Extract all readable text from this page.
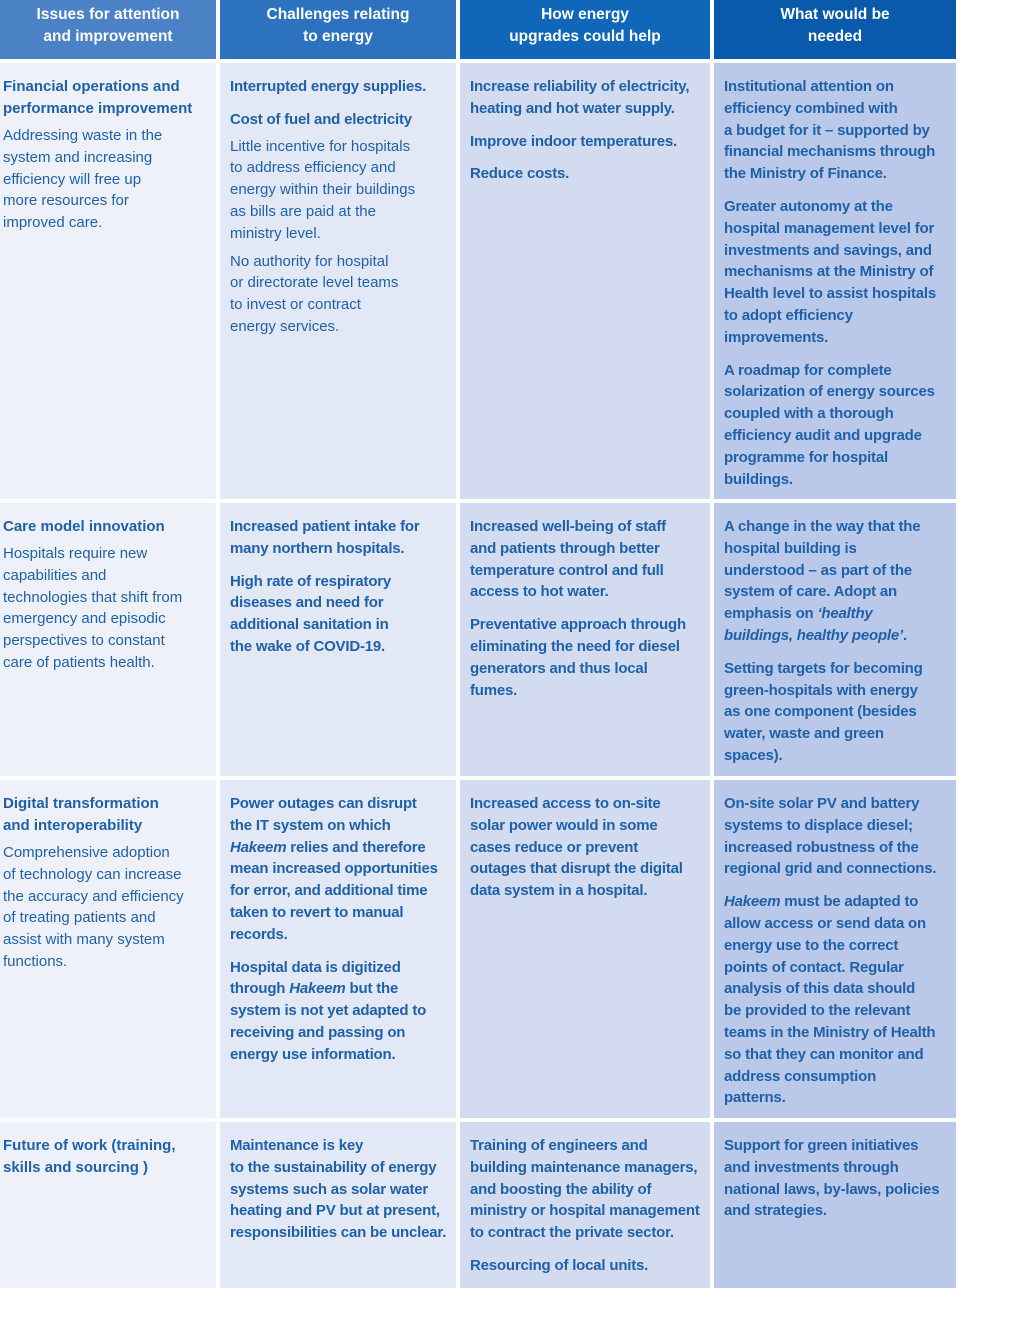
Issues for attention
and improvement
Challenges relating
to energy
How energy
upgrades could help
What would be
needed
Financial operations and
performance improvement
Addressing waste in the
system and increasing
efficiency will free up
more resources for
improved care.
Interrupted energy supplies.
Cost of fuel and electricity
Little incentive for hospitals
to address efficiency and
energy within their buildings
as bills are paid at the
ministry level.
No authority for hospital
or directorate level teams
to invest or contract
energy services.
Increase reliability of electricity,
heating and hot water supply.
Improve indoor temperatures.
Reduce costs.
Institutional attention on
efficiency combined with
a budget for it – supported by
financial mechanisms through
the Ministry of Finance.
Greater autonomy at the
hospital management level for
investments and savings, and
mechanisms at the Ministry of
Health level to assist hospitals
to adopt efficiency
improvements.
A roadmap for complete
solarization of energy sources
coupled with a thorough
efficiency audit and upgrade
programme for hospital
buildings.
Care model innovation
Hospitals require new
capabilities and
technologies that shift from
emergency and episodic
perspectives to constant
care of patients health.
Increased patient intake for
many northern hospitals.
High rate of respiratory
diseases and need for
additional sanitation in
the wake of COVID-19.
Increased well-being of staff
and patients through better
temperature control and full
access to hot water.
Preventative approach through
eliminating the need for diesel
generators and thus local
fumes.
A change in the way that the
hospital building is
understood – as part of the
system of care. Adopt an
emphasis on ‘healthy
buildings, healthy people’.
Setting targets for becoming
green-hospitals with energy
as one component (besides
water, waste and green
spaces).
Digital transformation
and interoperability
Comprehensive adoption
of technology can increase
the accuracy and efficiency
of treating patients and
assist with many system
functions.
Power outages can disrupt
the IT system on which
Hakeem relies and therefore
mean increased opportunities
for error, and additional time
taken to revert to manual
records.
Hospital data is digitized
through Hakeem but the
system is not yet adapted to
receiving and passing on
energy use information.
Increased access to on-site
solar power would in some
cases reduce or prevent
outages that disrupt the digital
data system in a hospital.
On-site solar PV and battery
systems to displace diesel;
increased robustness of the
regional grid and connections.
Hakeem must be adapted to
allow access or send data on
energy use to the correct
points of contact. Regular
analysis of this data should
be provided to the relevant
teams in the Ministry of Health
so that they can monitor and
address consumption
patterns.
Future of work (training,
skills and sourcing )
Maintenance is key
to the sustainability of energy
systems such as solar water
heating and PV but at present,
responsibilities can be unclear.
Training of engineers and
building maintenance managers,
and boosting the ability of
ministry or hospital management
to contract the private sector.
Resourcing of local units.
Support for green initiatives
and investments through
national laws, by-laws, policies
and strategies.
